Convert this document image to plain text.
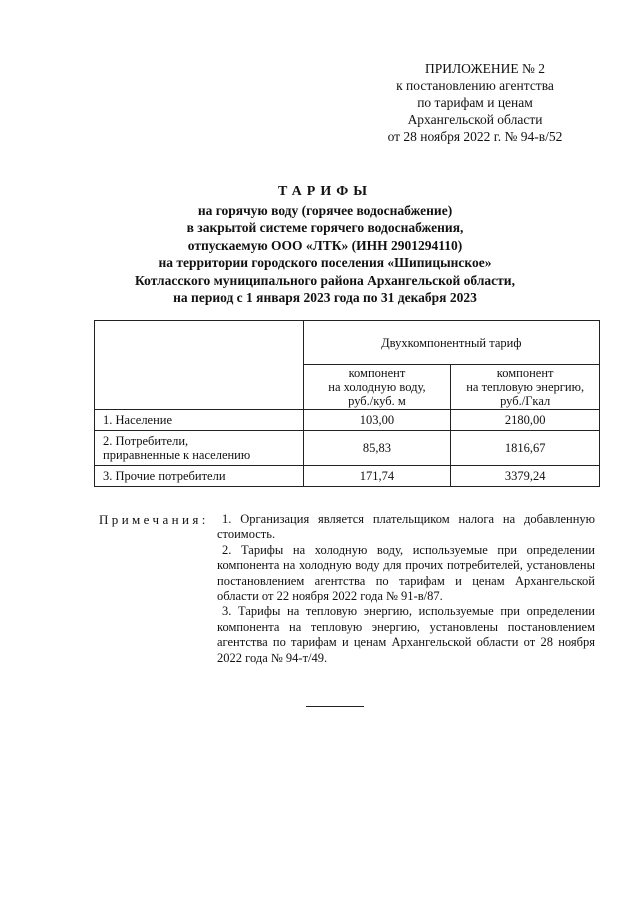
ПРИЛОЖЕНИЕ № 2
к постановлению агентства
по тарифам и ценам
Архангельской области
от 28 ноября 2022 г. № 94-в/52
ТАРИФЫ
на горячую воду (горячее водоснабжение)
в закрытой системе горячего водоснабжения,
отпускаемую ООО «ЛТК» (ИНН 2901294110)
на территории городского поселения «Шипицынское»
Котласского муниципального района Архангельской области,
на период с 1 января 2023 года по 31 декабря 2023
	Двухкомпонентный тариф	
	компонент
на холодную воду,
руб./куб. м	компонент
на тепловую энергию,
руб./Гкал
1. Население	103,00	2180,00
2. Потребители,
приравненные к населению	85,83	1816,67
3. Прочие потребители	171,74	3379,24
Примечания:	1. Организация является плательщиком налога на добавленную стоимость.

2. Тарифы на холодную воду, используемые при определении компонента на холодную воду для прочих потребителей, установлены постановлением агентства по тарифам и ценам Архангельской области от 22 ноября 2022 года № 91-в/87.

3. Тарифы на тепловую энергию, используемые при определении компонента на тепловую энергию, установлены постановлением агентства по тарифам и ценам Архангельской области от 28 ноября 2022 года № 94-т/49.
